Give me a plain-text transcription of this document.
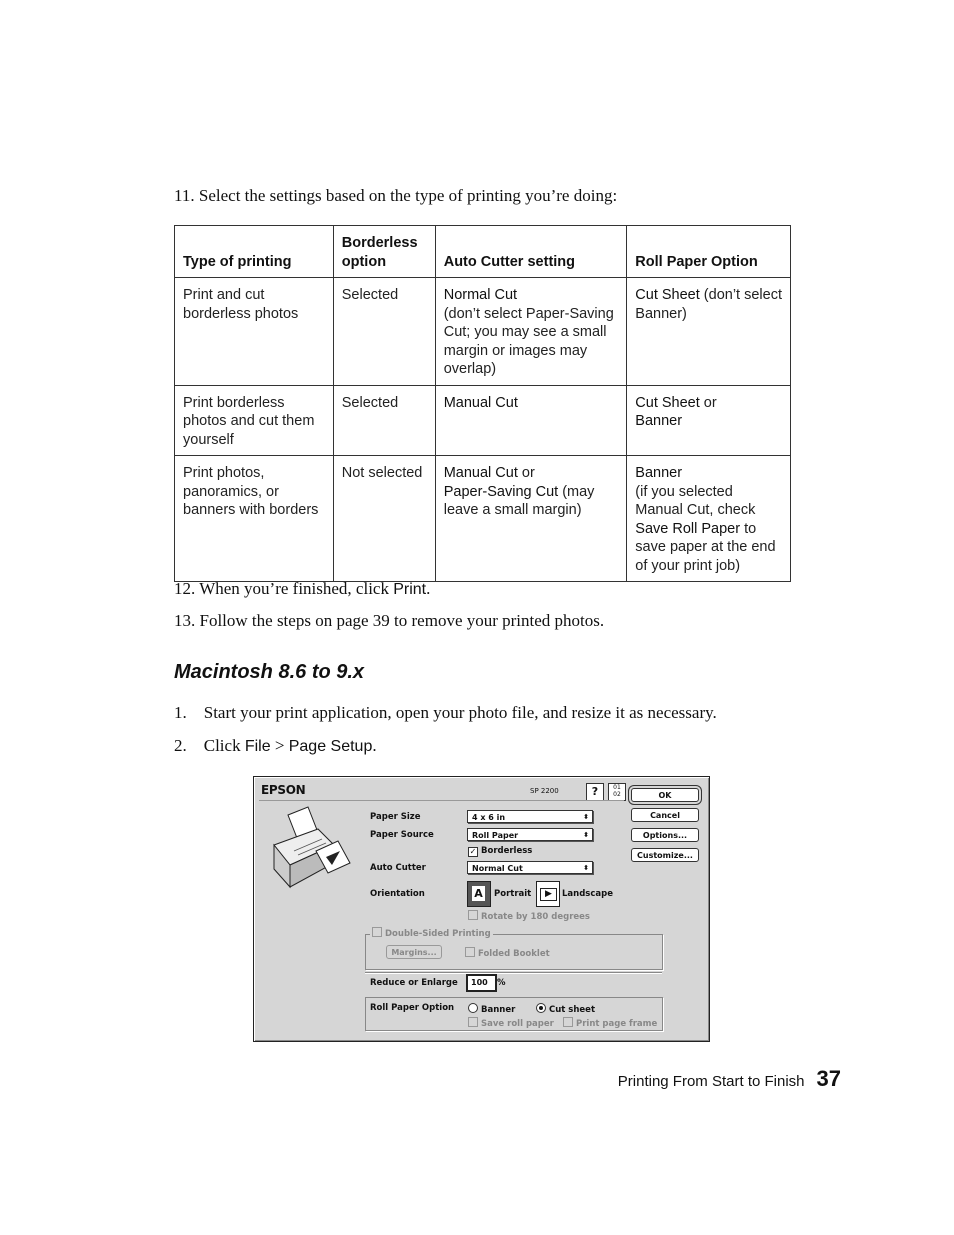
11. Select the settings based on the type of printing you’re doing:
Type of printing	Borderless option	Auto Cutter setting	Roll Paper Option
Print and cut borderless photos	Selected	Normal Cut
(don’t select Paper-Saving Cut; you may see a small margin or images may overlap)	Cut Sheet (don’t select Banner)
Print borderless photos and cut them yourself	Selected	Manual Cut	Cut Sheet or
Banner
Print photos, panoramics, or banners with borders	Not selected	Manual Cut or
Paper-Saving Cut (may leave a small margin)	Banner
(if you selected Manual Cut, check Save Roll Paper to save paper at the end of your print job)
12. When you’re finished, click Print.
13. Follow the steps on page 39 to remove your printed photos.
Macintosh 8.6 to 9.x
1. Start your print application, open your photo file, and resize it as necessary.
2. Click File > Page Setup.
EPSON	SP 2200	?	01
02
Paper Size	4 x 6 in	⬍
Paper Source	Roll Paper	⬍
✓ Borderless
Auto Cutter	Normal Cut	⬍
Orientation	A Portrait	▶	Landscape
Rotate by 180 degrees
Double-Sided Printing
Margins...	Folded Booklet
Reduce or Enlarge	100	%
Roll Paper Option	Banner	Cut sheet
Save roll paper	Print page frame
OK
Cancel
Options...
Customize...
Printing From Start to Finish 37
